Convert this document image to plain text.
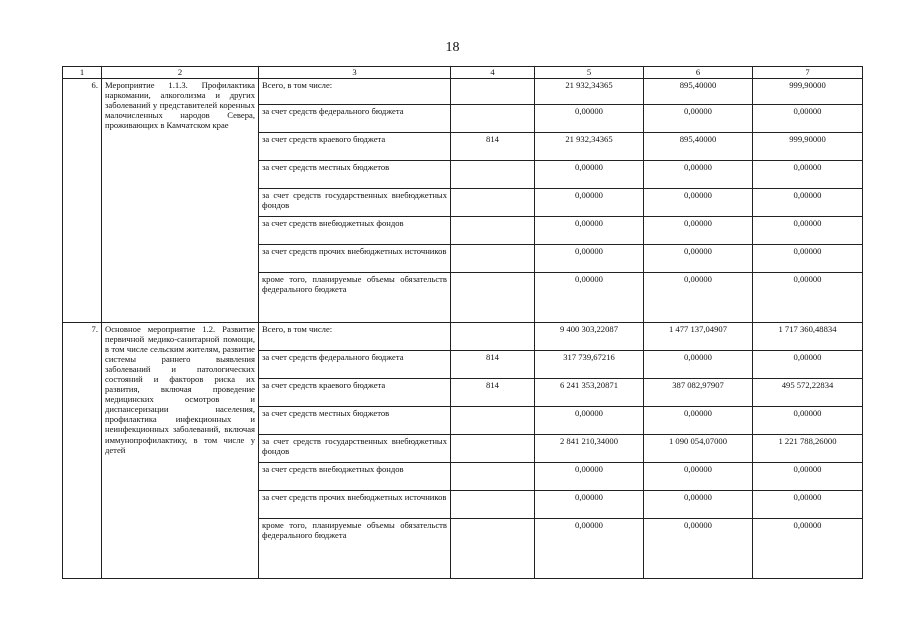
18
1	2	3	4	5	6	7
6.	Мероприятие 1.1.3. Профилактика наркомании, алкоголизма и других заболеваний у представителей коренных малочисленных народов Севера, проживающих в Камчатском крае	Всего, в том числе:		21 932,34365	895,40000	999,90000
		за счет средств федерального бюджета		0,00000	0,00000	0,00000
		за счет средств краевого бюджета	814	21 932,34365	895,40000	999,90000
		за счет средств местных бюджетов		0,00000	0,00000	0,00000
		за счет средств государственных внебюджетных фондов		0,00000	0,00000	0,00000
		за счет средств внебюджетных фондов		0,00000	0,00000	0,00000
		за счет средств прочих внебюджетных источников		0,00000	0,00000	0,00000
		кроме того, планируемые объемы обязательств федерального бюджета		0,00000	0,00000	0,00000
7.	Основное мероприятие 1.2. Развитие первичной медико-санитарной помощи, в том числе сельским жителям, развитие системы раннего выявления заболеваний и патологических состояний и факторов риска их развития, включая проведение медицинских осмотров и диспансеризации населения, профилактика инфекционных и неинфекционных заболеваний, включая иммунопрофилактику, в том числе у детей	Всего, в том числе:		9 400 303,22087	1 477 137,04907	1 717 360,48834
		за счет средств федерального бюджета	814	317 739,67216	0,00000	0,00000
		за счет средств краевого бюджета	814	6 241 353,20871	387 082,97907	495 572,22834
		за счет средств местных бюджетов		0,00000	0,00000	0,00000
		за счет средств государственных внебюджетных фондов		2 841 210,34000	1 090 054,07000	1 221 788,26000
		за счет средств внебюджетных фондов		0,00000	0,00000	0,00000
		за счет средств прочих внебюджетных источников		0,00000	0,00000	0,00000
		кроме того, планируемые объемы обязательств федерального бюджета		0,00000	0,00000	0,00000
